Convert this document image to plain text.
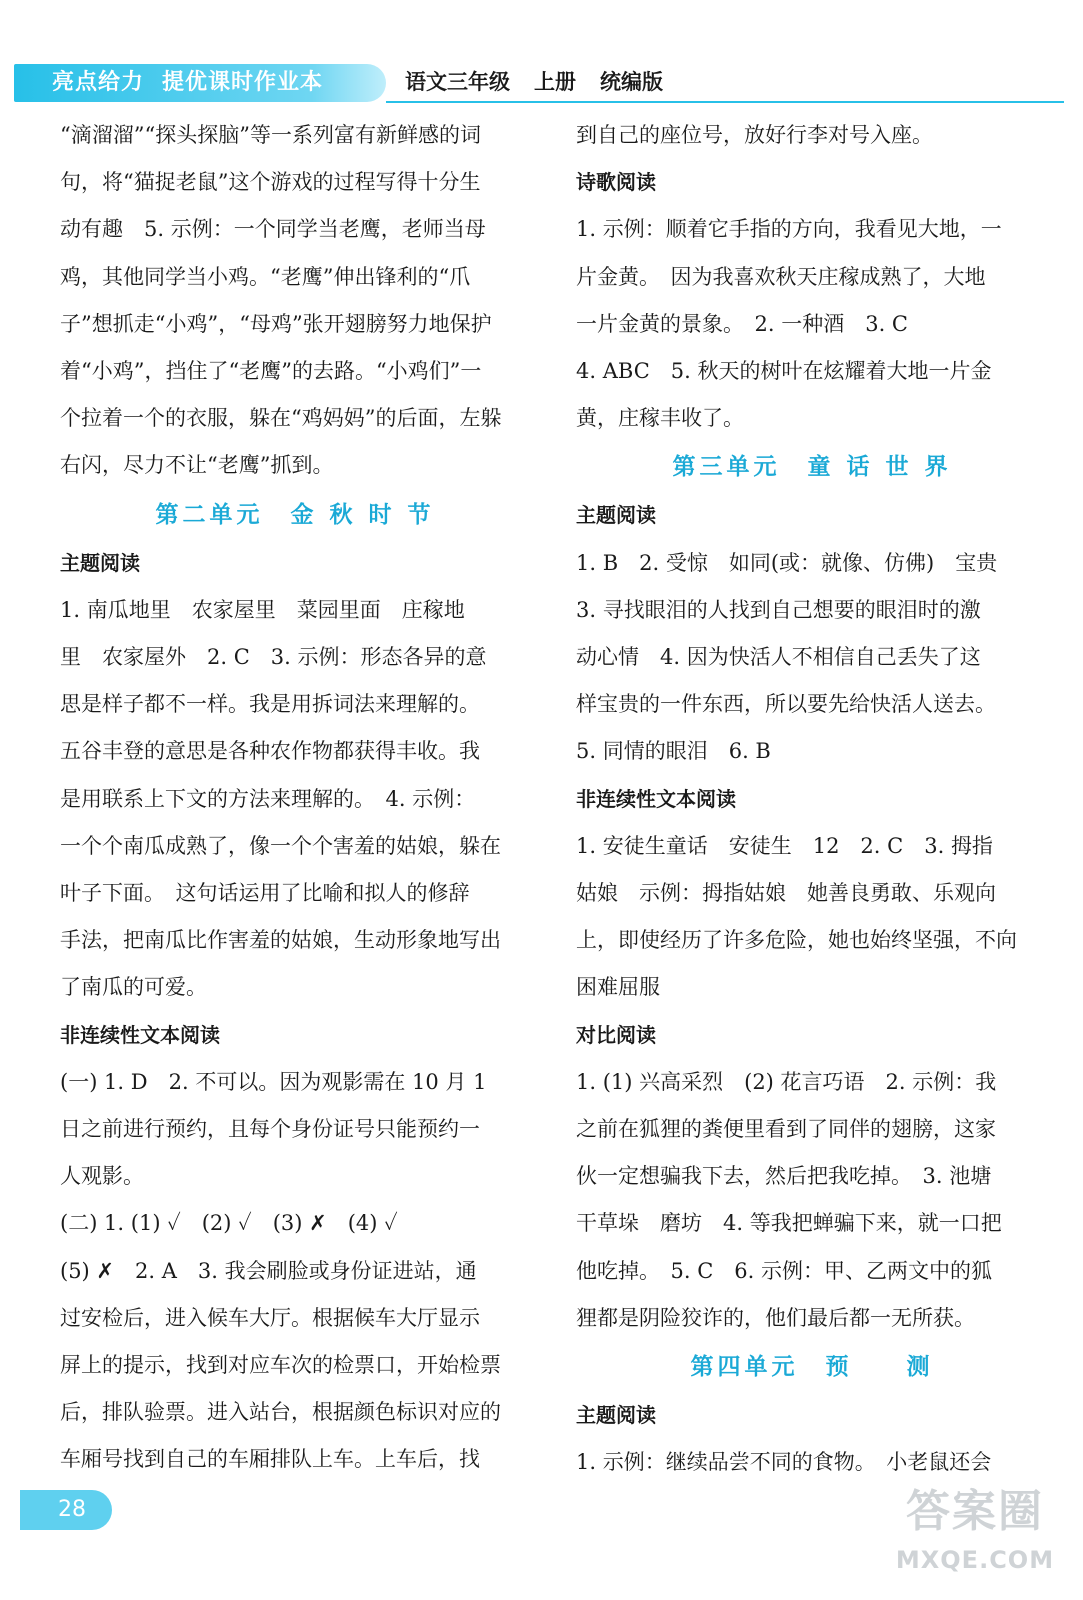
亮点给力 提优课时作业本	语文三年级 上册 统编版

“滴溜溜”“探头探脑”等一系列富有新鲜感的词

句，将“猫捉老鼠”这个游戏的过程写得十分生

动有趣　5. 示例：一个同学当老鹰，老师当母

鸡，其他同学当小鸡。“老鹰”伸出锋利的“爪

子”想抓走“小鸡”，“母鸡”张开翅膀努力地保护

着“小鸡”，挡住了“老鹰”的去路。“小鸡们”一

个拉着一个的衣服，躲在“鸡妈妈”的后面，左躲

右闪，尽力不让“老鹰”抓到。

第二单元　金 秋 时 节
主题阅读

1. 南瓜地里　农家屋里　菜园里面　庄稼地

里　农家屋外　2. C　3. 示例：形态各异的意

思是样子都不一样。我是用拆词法来理解的。

五谷丰登的意思是各种农作物都获得丰收。我

是用联系上下文的方法来理解的。　4. 示例：

一个个南瓜成熟了，像一个个害羞的姑娘，躲在

叶子下面。　这句话运用了比喻和拟人的修辞

手法，把南瓜比作害羞的姑娘，生动形象地写出

了南瓜的可爱。

非连续性文本阅读

(一) 1. D　2. 不可以。因为观影需在 10 月 1

日之前进行预约，且每个身份证号只能预约一

人观影。

(二) 1. (1) ✓　(2) ✓　(3) ✗　(4) ✓

(5) ✗　2. A　3. 我会刷脸或身份证进站，通

过安检后，进入候车大厅。根据候车大厅显示

屏上的提示，找到对应车次的检票口，开始检票

后，排队验票。进入站台，根据颜色标识对应的

车厢号找到自己的车厢排队上车。上车后，找

到自己的座位号，放好行李对号入座。

诗歌阅读

1. 示例：顺着它手指的方向，我看见大地，一

片金黄。　因为我喜欢秋天庄稼成熟了，大地

一片金黄的景象。　2. 一种酒　3. C

4. ABC　5. 秋天的树叶在炫耀着大地一片金

黄，庄稼丰收了。

第三单元　童 话 世 界
主题阅读

1. B　2. 受惊　如同(或：就像、仿佛)　宝贵

3. 寻找眼泪的人找到自己想要的眼泪时的激

动心情　4. 因为快活人不相信自己丢失了这

样宝贵的一件东西，所以要先给快活人送去。

5. 同情的眼泪　6. B

非连续性文本阅读

1. 安徒生童话　安徒生　12　2. C　3. 拇指

姑娘　示例：拇指姑娘　她善良勇敢、乐观向

上，即使经历了许多危险，她也始终坚强，不向

困难屈服

对比阅读

1. (1) 兴高采烈　(2) 花言巧语　2. 示例：我

之前在狐狸的粪便里看到了同伴的翅膀，这家

伙一定想骗我下去，然后把我吃掉。　3. 池塘

干草垛　磨坊　4. 等我把蝉骗下来，就一口把

他吃掉。　5. C　6. 示例：甲、乙两文中的狐

狸都是阴险狡诈的，他们最后都一无所获。

第四单元　预　　测
主题阅读

1. 示例：继续品尝不同的食物。　小老鼠还会

28	答案圈
MXQE.COM
